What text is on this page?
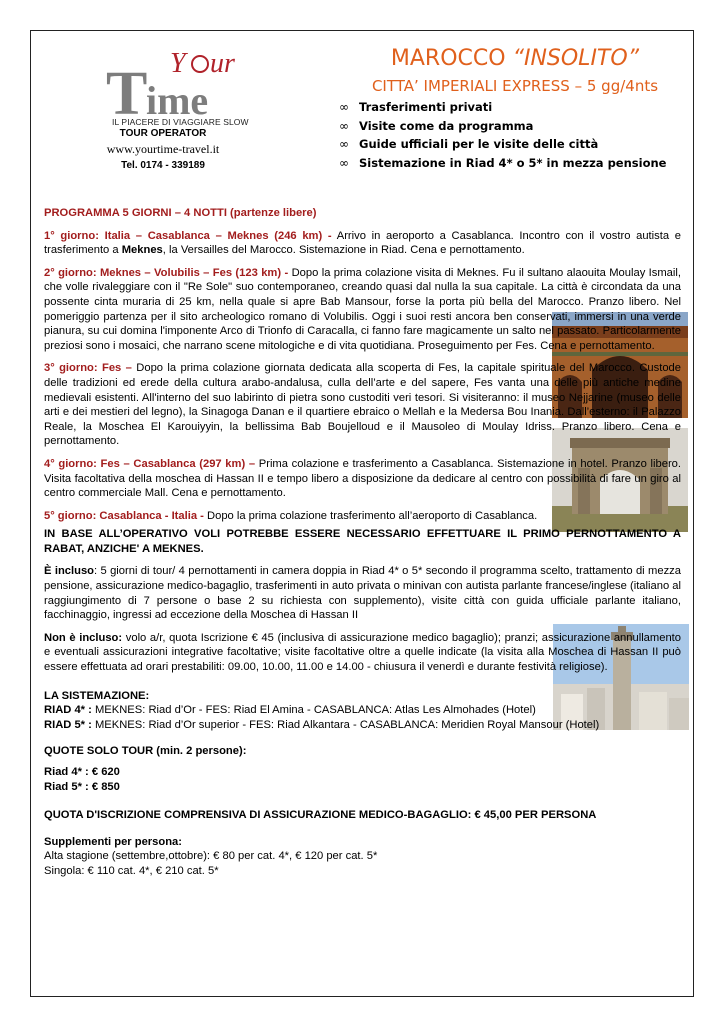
T ime
Y ur
IL PIACERE DI VIAGGIARE SLOW
TOUR OPERATOR
www.yourtime-travel.it
Tel. 0174 - 339189
MAROCCO “INSOLITO”
CITTA’ IMPERIALI EXPRESS – 5 gg/4nts
∞ Trasferimenti privati
∞ Visite come da programma
∞ Guide ufficiali per le visite delle città
∞ Sistemazione in Riad 4* o 5* in mezza pensione

PROGRAMMA 5 GIORNI – 4 NOTTI (partenze libere)

1° giorno: Italia – Casablanca – Meknes (246 km) - Arrivo in aeroporto a Casablanca. Incontro con il vostro autista e trasferimento a Meknes, la Versailles del Marocco. Sistemazione in Riad. Cena e pernottamento.

2° giorno: Meknes – Volubilis – Fes (123 km) - Dopo la prima colazione visita di Meknes. Fu il sultano alaouita Moulay Ismail, che volle rivaleggiare con il "Re Sole" suo contemporaneo, creando quasi dal nulla la sua capitale. La città è circondata da una possente cinta muraria di 25 km, nella quale si apre Bab Mansour, forse la porta più bella del Marocco. Pranzo libero. Nel pomeriggio partenza per il sito archeologico romano di Volubilis. Oggi i suoi resti ancora ben conservati, immersi in una verde pianura, su cui domina l'imponente Arco di Trionfo di Caracalla, ci fanno fare magicamente un salto nel passato. Particolarmente preziosi sono i mosaici, che narrano scene mitologiche e di vita quotidiana. Proseguimento per Fes. Cena e pernottamento.

3° giorno: Fes – Dopo la prima colazione giornata dedicata alla scoperta di Fes, la capitale spirituale del Marocco. Custode delle tradizioni ed erede della cultura arabo-andalusa, culla dell’arte e del sapere, Fes vanta una delle più antiche medine medievali esistenti. All'interno del suo labirinto di pietra sono custoditi veri tesori. Si visiteranno: il museo Nejjarine (museo delle arti e dei mestieri del legno), la Sinagoga Danan e il quartiere ebraico o Mellah e la Medersa Bou Inania. Dall’esterno: il Palazzo Reale, la Moschea El Karouiyyin, la bellissima Bab Boujelloud e il Mausoleo di Moulay Idriss. Pranzo libero. Cena e pernottamento.

4° giorno: Fes – Casablanca (297 km) – Prima colazione e trasferimento a Casablanca. Sistemazione in hotel. Pranzo libero. Visita facoltativa della moschea di Hassan II e tempo libero a disposizione da dedicare al centro con possibilità di fare un giro al centro commerciale Mall. Cena e pernottamento.

5° giorno: Casablanca - Italia - Dopo la prima colazione trasferimento all’aeroporto di Casablanca.

IN BASE ALL’OPERATIVO VOLI POTREBBE ESSERE NECESSARIO EFFETTUARE IL PRIMO PERNOTTAMENTO A RABAT, ANZICHE' A MEKNES.

È incluso: 5 giorni di tour/ 4 pernottamenti in camera doppia in Riad 4* o 5* secondo il programma scelto, trattamento di mezza pensione, assicurazione medico-bagaglio, trasferimenti in auto privata o minivan con autista parlante francese/inglese (italiano al raggiungimento di 7 persone o base 2 su richiesta con supplemento), visite città con guida ufficiale parlante italiano, facchinaggio, ingressi ad eccezione della Moschea di Hassan II

Non è incluso: volo a/r, quota Iscrizione € 45 (inclusiva di assicurazione medico bagaglio); pranzi; assicurazione annullamento e eventuali assicurazioni integrative facoltative; visite facoltative oltre a quelle indicate (la visita alla Moschea di Hassan II può essere effettuata ad orari prestabiliti: 09.00, 10.00, 11.00 e 14.00 - chiusura il venerdì e durante festività religiose).

LA SISTEMAZIONE:
RIAD 4* : MEKNES: Riad d’Or - FES: Riad El Amina - CASABLANCA: Atlas Les Almohades (Hotel)
RIAD 5* : MEKNES: Riad d’Or superior - FES: Riad Alkantara - CASABLANCA: Meridien Royal Mansour (Hotel)
QUOTE SOLO TOUR (min. 2 persone):
Riad 4* : € 620
Riad 5* : € 850

QUOTA D'ISCRIZIONE COMPRENSIVA DI ASSICURAZIONE MEDICO-BAGAGLIO: € 45,00 PER PERSONA

Supplementi per persona:
Alta stagione (settembre,ottobre): € 80 per cat. 4*, € 120 per cat. 5*
Singola: € 110 cat. 4*, € 210 cat. 5*
